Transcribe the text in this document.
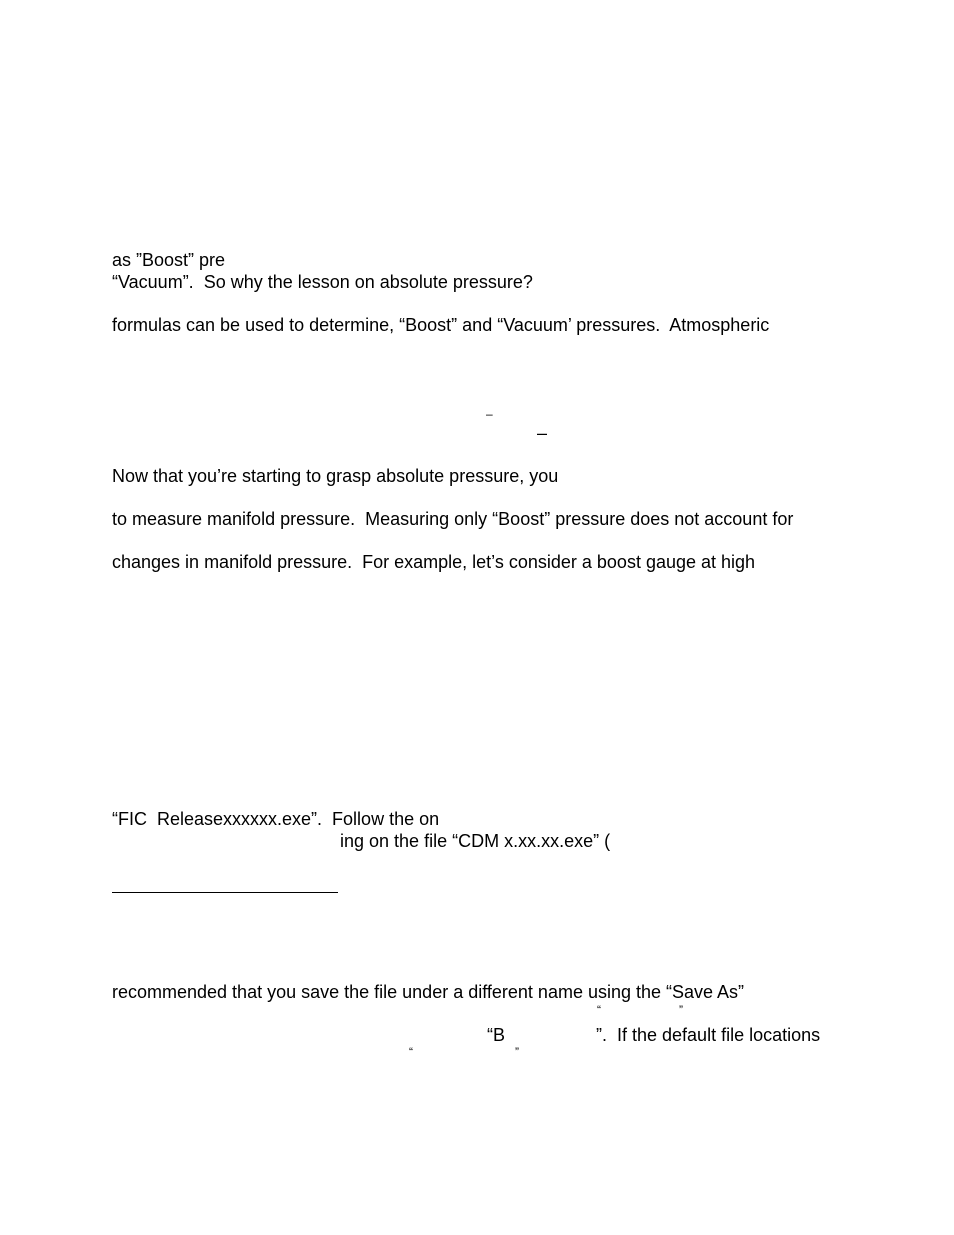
as ”Boost” pre
“Vacuum”.  So why the lesson on absolute pressure?
formulas can be used to determine, “Boost” and “Vacuum’ pressures.  Atmospheric
–
–
Now that you’re starting to grasp absolute pressure, you
to measure manifold pressure.  Measuring only “Boost” pressure does not account for
changes in manifold pressure.  For example, let’s consider a boost gauge at high
“FIC  Releasexxxxxx.exe”.  Follow the on
ing on the file “CDM x.xx.xx.exe” (
recommended that you save the file under a different name using the “Save As”
“	”
“B	”.  If the default file locations
“	”
